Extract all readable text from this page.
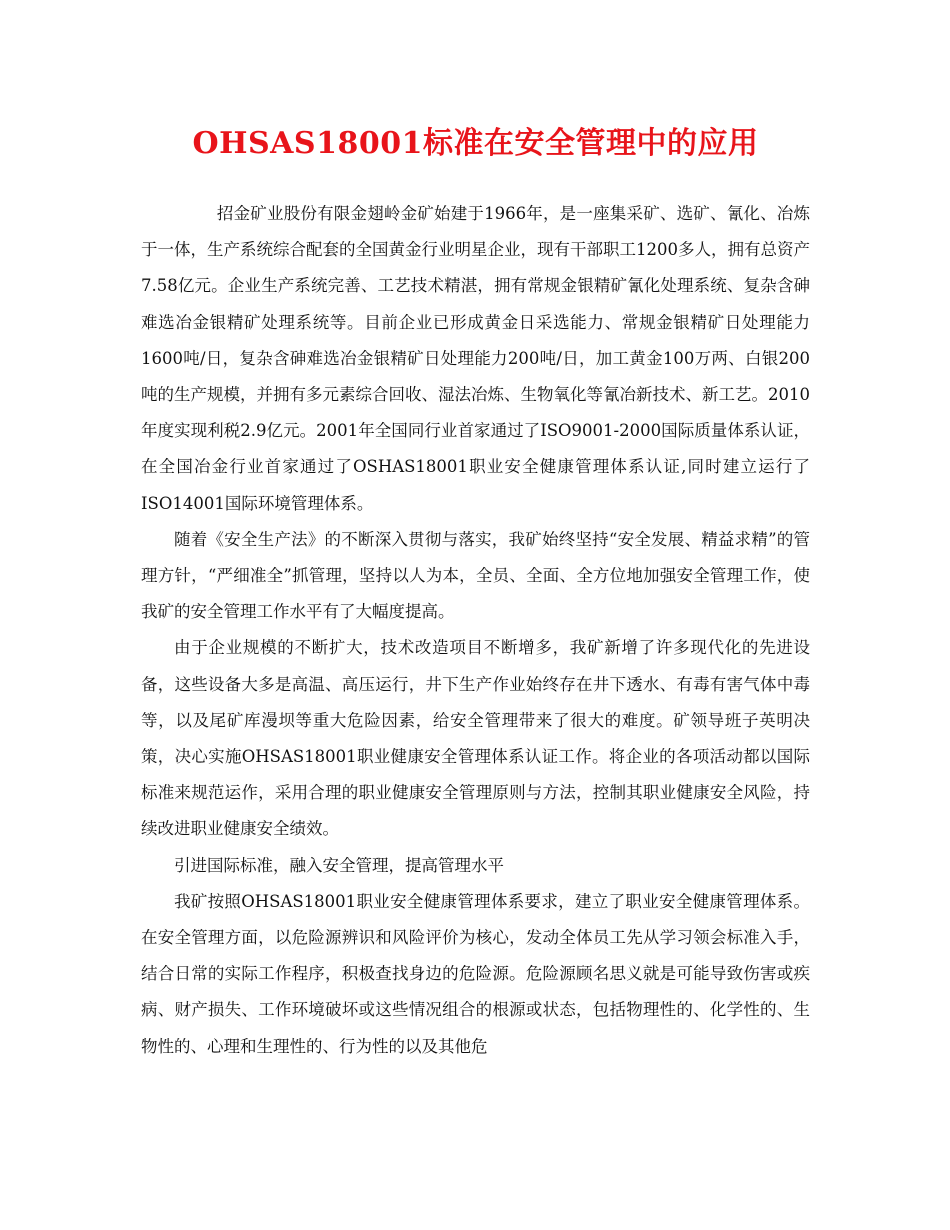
OHSAS18001标准在安全管理中的应用

招金矿业股份有限金翅岭金矿始建于1966年，是一座集采矿、选矿、氰化、冶炼于一体，生产系统综合配套的全国黄金行业明星企业，现有干部职工1200多人，拥有总资产7.58亿元。企业生产系统完善、工艺技术精湛，拥有常规金银精矿氰化处理系统、复杂含砷难选冶金银精矿处理系统等。目前企业已形成黄金日采选能力、常规金银精矿日处理能力1600吨/日，复杂含砷难选冶金银精矿日处理能力200吨/日，加工黄金100万两、白银200吨的生产规模，并拥有多元素综合回收、湿法冶炼、生物氧化等氰冶新技术、新工艺。2010年度实现利税2.9亿元。2001年全国同行业首家通过了ISO9001-2000国际质量体系认证，在全国冶金行业首家通过了OSHAS18001职业安全健康管理体系认证,同时建立运行了ISO14001国际环境管理体系。

随着《安全生产法》的不断深入贯彻与落实，我矿始终坚持“安全发展、精益求精”的管理方针，“严细准全”抓管理，坚持以人为本，全员、全面、全方位地加强安全管理工作，使我矿的安全管理工作水平有了大幅度提高。

由于企业规模的不断扩大，技术改造项目不断增多，我矿新增了许多现代化的先进设备，这些设备大多是高温、高压运行，井下生产作业始终存在井下透水、有毒有害气体中毒等，以及尾矿库漫坝等重大危险因素，给安全管理带来了很大的难度。矿领导班子英明决策，决心实施OHSAS18001职业健康安全管理体系认证工作。将企业的各项活动都以国际标准来规范运作，采用合理的职业健康安全管理原则与方法，控制其职业健康安全风险，持续改进职业健康安全绩效。

引进国际标准，融入安全管理，提高管理水平

我矿按照OHSAS18001职业安全健康管理体系要求，建立了职业安全健康管理体系。在安全管理方面，以危险源辨识和风险评价为核心，发动全体员工先从学习领会标准入手，结合日常的实际工作程序，积极查找身边的危险源。危险源顾名思义就是可能导致伤害或疾病、财产损失、工作环境破坏或这些情况组合的根源或状态，包括物理性的、化学性的、生物性的、心理和生理性的、行为性的以及其他危
